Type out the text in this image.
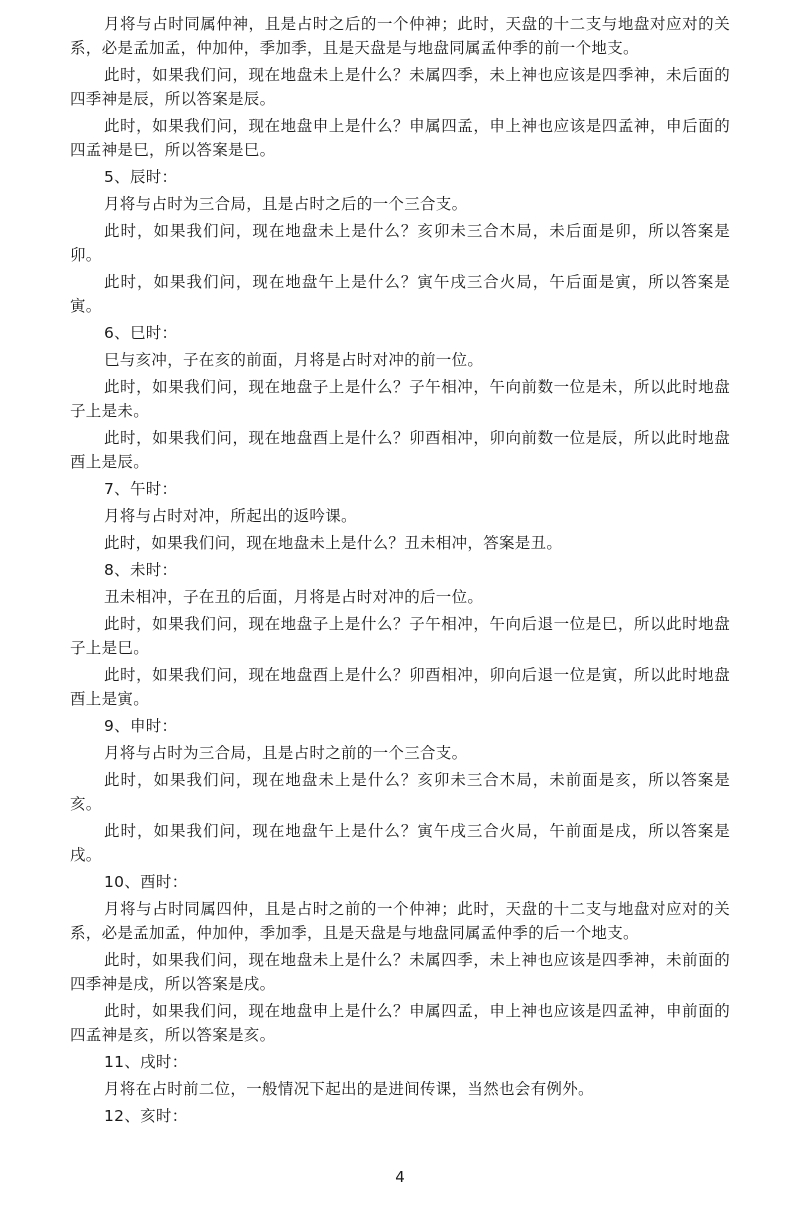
月将与占时同属仲神，且是占时之后的一个仲神；此时，天盘的十二支与地盘对应对的关系，必是孟加孟，仲加仲，季加季，且是天盘是与地盘同属孟仲季的前一个地支。

此时，如果我们问，现在地盘未上是什么？未属四季，未上神也应该是四季神，未后面的四季神是辰，所以答案是辰。

此时，如果我们问，现在地盘申上是什么？申属四孟，申上神也应该是四孟神，申后面的四孟神是巳，所以答案是巳。

5、辰时：

月将与占时为三合局，且是占时之后的一个三合支。

此时，如果我们问，现在地盘未上是什么？亥卯未三合木局，未后面是卯，所以答案是卯。

此时，如果我们问，现在地盘午上是什么？寅午戌三合火局，午后面是寅，所以答案是寅。

6、巳时：

巳与亥冲，子在亥的前面，月将是占时对冲的前一位。

此时，如果我们问，现在地盘子上是什么？子午相冲，午向前数一位是未，所以此时地盘子上是未。

此时，如果我们问，现在地盘酉上是什么？卯酉相冲，卯向前数一位是辰，所以此时地盘酉上是辰。

7、午时：

月将与占时对冲，所起出的返吟课。

此时，如果我们问，现在地盘未上是什么？丑未相冲，答案是丑。

8、未时：

丑未相冲，子在丑的后面，月将是占时对冲的后一位。

此时，如果我们问，现在地盘子上是什么？子午相冲，午向后退一位是巳，所以此时地盘子上是巳。

此时，如果我们问，现在地盘酉上是什么？卯酉相冲，卯向后退一位是寅，所以此时地盘酉上是寅。

9、申时：

月将与占时为三合局，且是占时之前的一个三合支。

此时，如果我们问，现在地盘未上是什么？亥卯未三合木局，未前面是亥，所以答案是亥。

此时，如果我们问，现在地盘午上是什么？寅午戌三合火局，午前面是戌，所以答案是戌。

10、酉时：

月将与占时同属四仲，且是占时之前的一个仲神；此时，天盘的十二支与地盘对应对的关系，必是孟加孟，仲加仲，季加季，且是天盘是与地盘同属孟仲季的后一个地支。

此时，如果我们问，现在地盘未上是什么？未属四季，未上神也应该是四季神，未前面的四季神是戌，所以答案是戌。

此时，如果我们问，现在地盘申上是什么？申属四孟，申上神也应该是四孟神，申前面的四孟神是亥，所以答案是亥。

11、戌时：

月将在占时前二位，一般情况下起出的是进间传课，当然也会有例外。

12、亥时：

4
